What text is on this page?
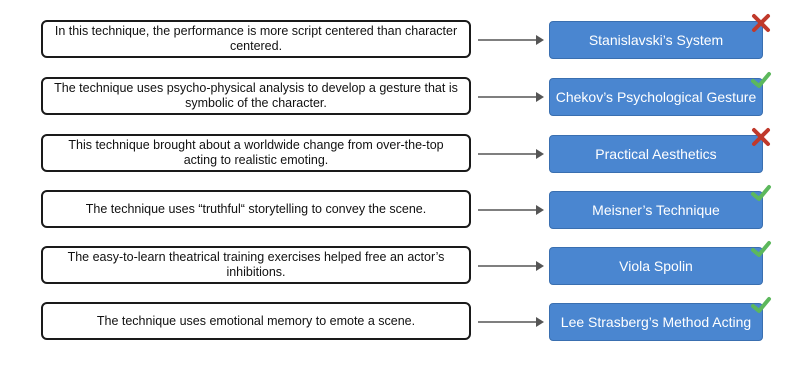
In this technique, the performance is more script centered than character centered.	Stanislavski’s System
The technique uses psycho-physical analysis to develop a gesture that is symbolic of the character.	Chekov’s Psychological Gesture
This technique brought about a worldwide change from over-the-top acting to realistic emoting.	Practical Aesthetics
The technique uses “truthful“ storytelling to convey the scene.	Meisner’s Technique
The easy-to-learn theatrical training exercises helped free an actor’s inhibitions.	Viola Spolin
The technique uses emotional memory to emote a scene.	Lee Strasberg’s Method Acting
